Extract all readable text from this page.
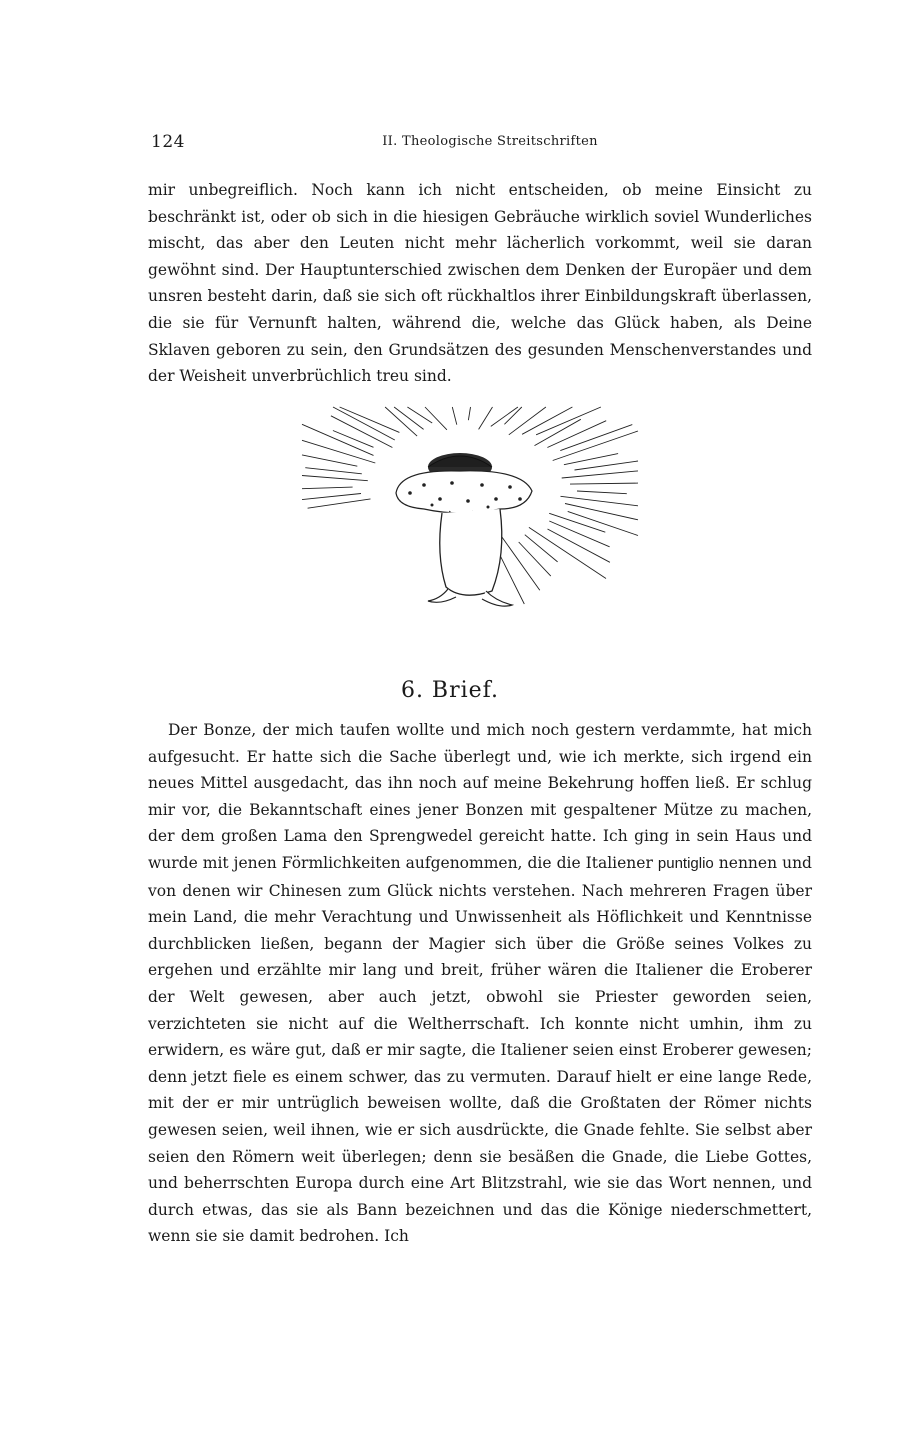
124	II. Theologische Streitschriften

mir unbegreiflich. Noch kann ich nicht entscheiden, ob meine Einsicht zu beschränkt ist, oder ob sich in die hiesigen Gebräuche wirklich soviel Wunderliches mischt, das aber den Leuten nicht mehr lächerlich vorkommt, weil sie daran gewöhnt sind. Der Hauptunterschied zwischen dem Denken der Europäer und dem unsren besteht darin, daß sie sich oft rückhaltlos ihrer Einbildungskraft überlassen, die sie für Vernunft halten, während die, welche das Glück haben, als Deine Sklaven geboren zu sein, den Grundsätzen des gesunden Menschenverstandes und der Weisheit unverbrüchlich treu sind.

6. Brief.

Der Bonze, der mich taufen wollte und mich noch gestern verdammte, hat mich aufgesucht. Er hatte sich die Sache überlegt und, wie ich merkte, sich irgend ein neues Mittel ausgedacht, das ihn noch auf meine Bekehrung hoffen ließ. Er schlug mir vor, die Bekanntschaft eines jener Bonzen mit gespaltener Mütze zu machen, der dem großen Lama den Sprengwedel gereicht hatte. Ich ging in sein Haus und wurde mit jenen Förmlichkeiten aufgenommen, die die Italiener puntiglio nennen und von denen wir Chinesen zum Glück nichts verstehen. Nach mehreren Fragen über mein Land, die mehr Verachtung und Unwissenheit als Höflichkeit und Kenntnisse durchblicken ließen, begann der Magier sich über die Größe seines Volkes zu ergehen und erzählte mir lang und breit, früher wären die Italiener die Eroberer der Welt gewesen, aber auch jetzt, obwohl sie Priester geworden seien, verzichteten sie nicht auf die Weltherrschaft. Ich konnte nicht umhin, ihm zu erwidern, es wäre gut, daß er mir sagte, die Italiener seien einst Eroberer gewesen; denn jetzt fiele es einem schwer, das zu vermuten. Darauf hielt er eine lange Rede, mit der er mir untrüglich beweisen wollte, daß die Großtaten der Römer nichts gewesen seien, weil ihnen, wie er sich ausdrückte, die Gnade fehlte. Sie selbst aber seien den Römern weit überlegen; denn sie besäßen die Gnade, die Liebe Gottes, und beherrschten Europa durch eine Art Blitzstrahl, wie sie das Wort nennen, und durch etwas, das sie als Bann bezeichnen und das die Könige niederschmettert, wenn sie sie damit bedrohen. Ich
